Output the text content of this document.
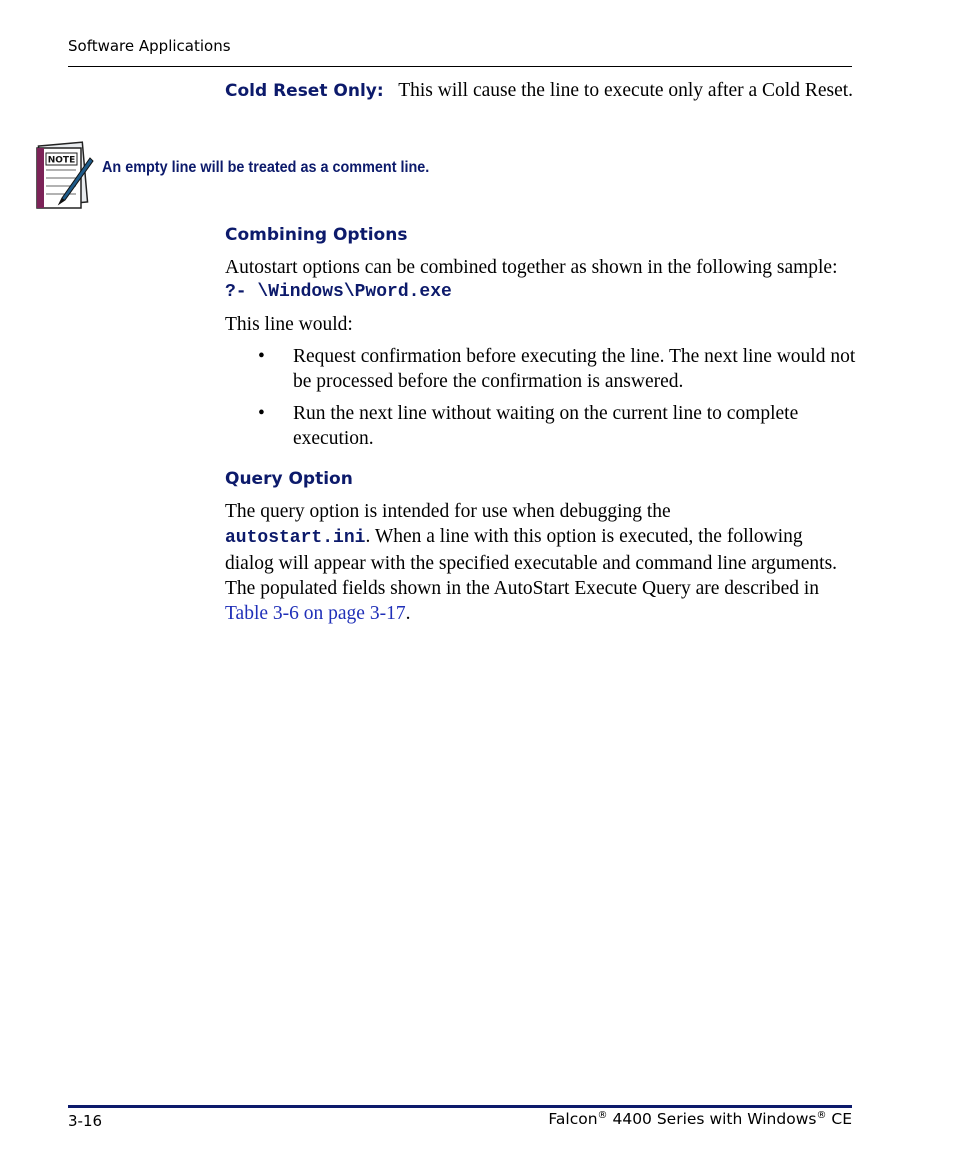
Software Applications
Cold Reset Only: This will cause the line to execute only after a Cold Reset.
NOTE An empty line will be treated as a comment line.
Combining Options
Autostart options can be combined together as shown in the following sample:
?- \Windows\Pword.exe
This line would:
• Request confirmation before executing the line. The next line would not be processed before the confirmation is answered.
• Run the next line without waiting on the current line to complete execution.
Query Option
The query option is intended for use when debugging the
autostart.ini. When a line with this option is executed, the following dialog will appear with the specified executable and command line arguments. The populated fields shown in the AutoStart Execute Query are described in Table 3-6 on page 3-17.
3-16	Falcon® 4400 Series with Windows® CE
